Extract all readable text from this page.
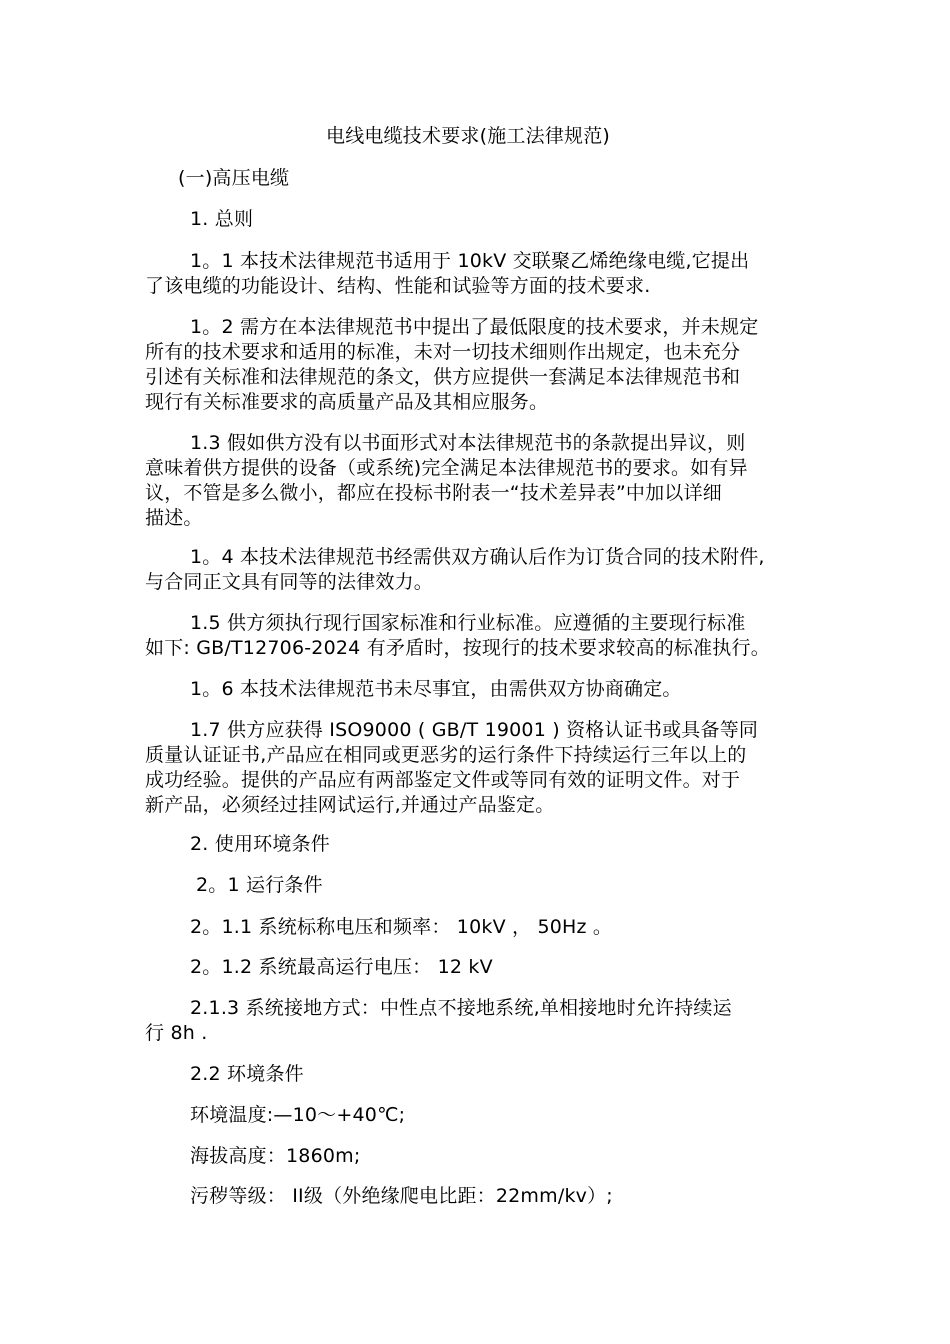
电线电缆技术要求(施工法律规范)
(一)高压电缆
1. 总则
1。1 本技术法律规范书适用于 10kV 交联聚乙烯绝缘电缆,它提出
了该电缆的功能设计、结构、性能和试验等方面的技术要求.
1。2 需方在本法律规范书中提出了最低限度的技术要求，并未规定
所有的技术要求和适用的标准，未对一切技术细则作出规定，也未充分
引述有关标准和法律规范的条文，供方应提供一套满足本法律规范书和
现行有关标准要求的高质量产品及其相应服务。
1.3 假如供方没有以书面形式对本法律规范书的条款提出异议，则
意味着供方提供的设备（或系统)完全满足本法律规范书的要求。如有异
议，不管是多么微小，都应在投标书附表一“技术差异表”中加以详细
描述。
1。4 本技术法律规范书经需供双方确认后作为订货合同的技术附件,
与合同正文具有同等的法律效力。
1.5 供方须执行现行国家标准和行业标准。应遵循的主要现行标准
如下: GB/T12706-2024 有矛盾时，按现行的技术要求较高的标准执行。
1。6 本技术法律规范书未尽事宜，由需供双方协商确定。
1.7 供方应获得 ISO9000 ( GB/T 19001 ) 资格认证书或具备等同
质量认证证书,产品应在相同或更恶劣的运行条件下持续运行三年以上的
成功经验。提供的产品应有两部鉴定文件或等同有效的证明文件。对于
新产品，必须经过挂网试运行,并通过产品鉴定。
2. 使用环境条件
2。1 运行条件
2。1.1 系统标称电压和频率： 10kV ， 50Hz 。
2。1.2 系统最高运行电压： 12 kV
2.1.3 系统接地方式：中性点不接地系统,单相接地时允许持续运
行 8h .
2.2 环境条件
环境温度:—10～+40℃;
海拔高度：1860m;
污秽等级： II级（外绝缘爬电比距：22mm/kv）;
